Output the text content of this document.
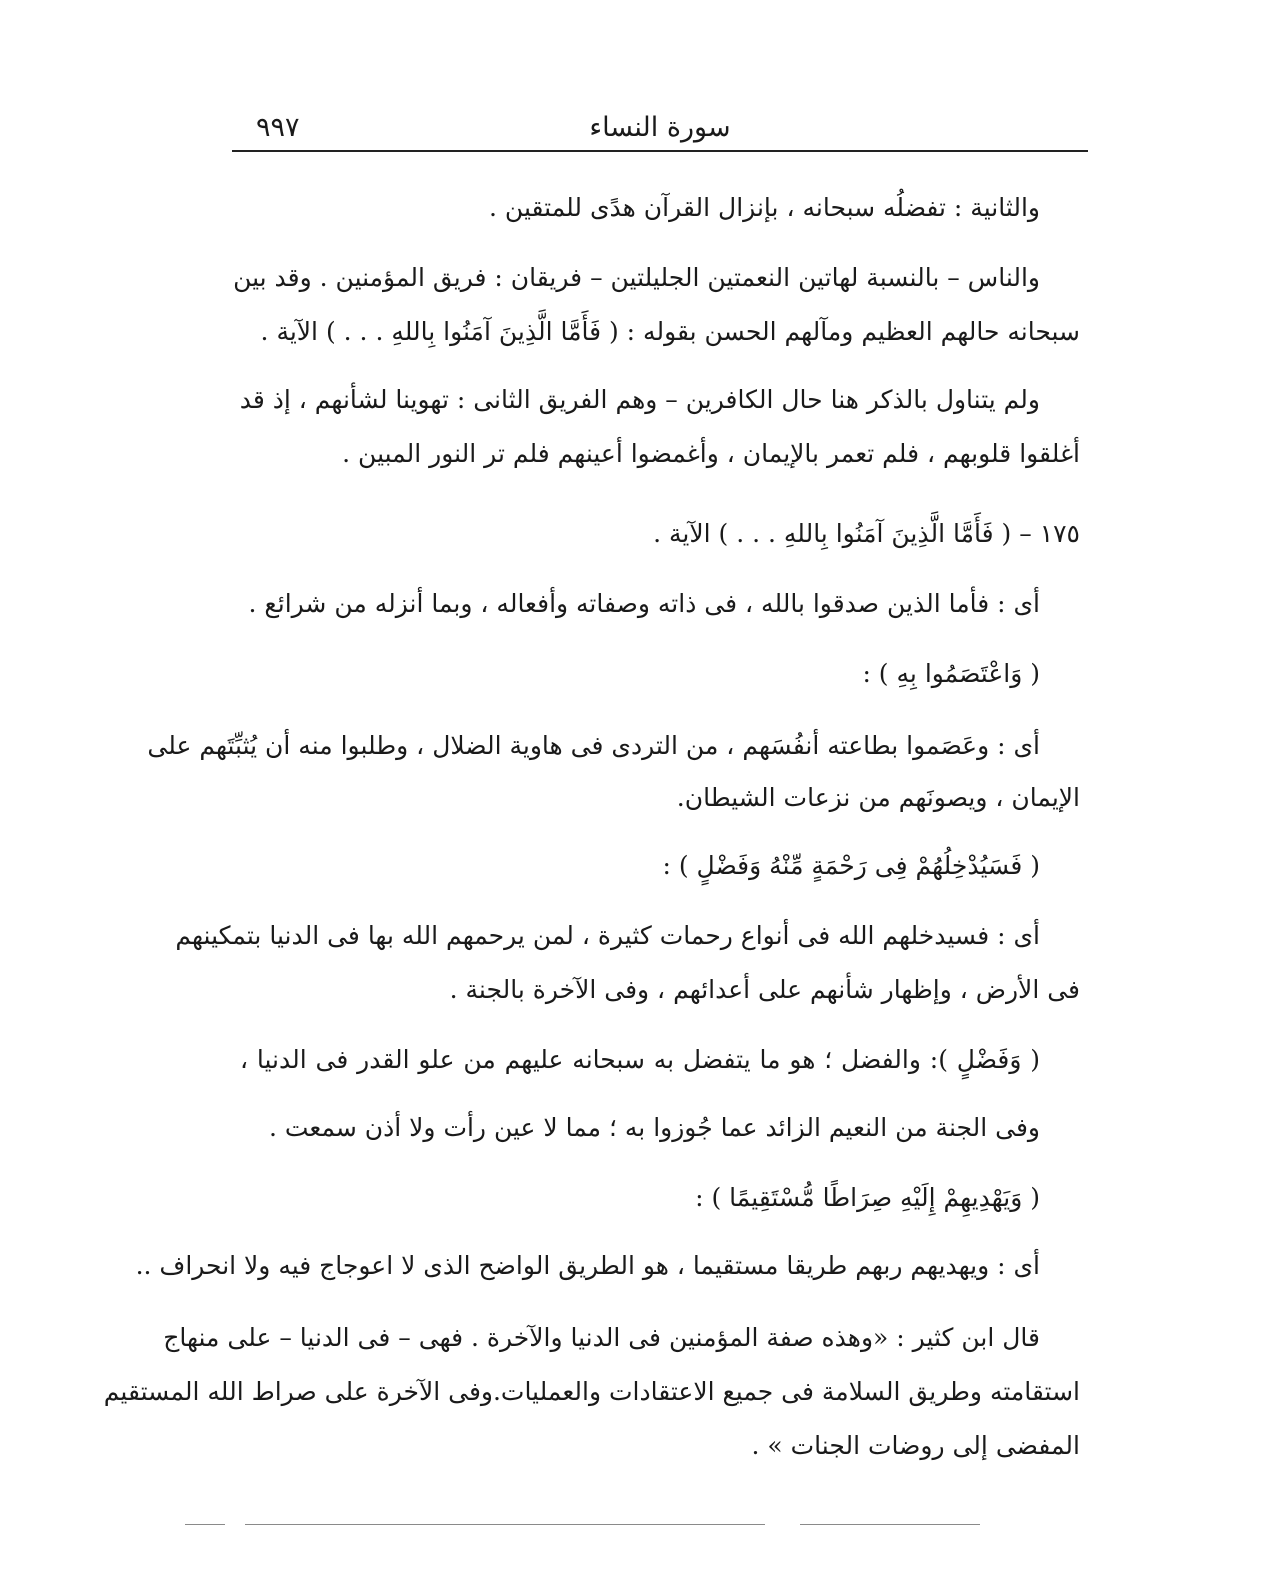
٩٩٧	سورة النساء
والثانية : تفضلُه سبحانه ، بإنزال القرآن هدًى للمتقين .
والناس – بالنسبة لهاتين النعمتين الجليلتين – فريقان : فريق المؤمنين . وقد بين
سبحانه حالهم العظيم ومآلهم الحسن بقوله : ( فَأَمَّا الَّذِينَ آمَنُوا بِاللهِ . . . ) الآية .
ولم يتناول بالذكر هنا حال الكافرين – وهم الفريق الثانى : تهوينا لشأنهم ، إذ قد
أغلقوا قلوبهم ، فلم تعمر بالإيمان ، وأغمضوا أعينهم فلم تر النور المبين .
١٧٥ – ( فَأَمَّا الَّذِينَ آمَنُوا بِاللهِ . . . ) الآية .
أى : فأما الذين صدقوا بالله ، فى ذاته وصفاته وأفعاله ، وبما أنزله من شرائع .
( وَاعْتَصَمُوا بِهِ ) :
أى : وعَصَموا بطاعته أنفُسَهم ، من التردى فى هاوية الضلال ، وطلبوا منه أن يُثبِّتَهم على
الإيمان ، ويصونَهم من نزعات الشيطان.
( فَسَيُدْخِلُهُمْ فِى رَحْمَةٍ مِّنْهُ وَفَضْلٍ ) :
أى : فسيدخلهم الله فى أنواع رحمات كثيرة ، لمن يرحمهم الله بها فى الدنيا بتمكينهم
فى الأرض ، وإظهار شأنهم على أعدائهم ، وفى الآخرة بالجنة .
( وَفَضْلٍ ): والفضل ؛ هو ما يتفضل به سبحانه عليهم من علو القدر فى الدنيا ،
وفى الجنة من النعيم الزائد عما جُوزوا به ؛ مما لا عين رأت ولا أذن سمعت .
( وَيَهْدِيهِمْ إِلَيْهِ صِرَاطًا مُّسْتَقِيمًا ) :
أى : ويهديهم ربهم طريقا مستقيما ، هو الطريق الواضح الذى لا اعوجاج فيه ولا انحراف ..
قال ابن كثير : «وهذه صفة المؤمنين فى الدنيا والآخرة . فهى – فى الدنيا – على منهاج
استقامته وطريق السلامة فى جميع الاعتقادات والعمليات.وفى الآخرة على صراط الله المستقيم
المفضى إلى روضات الجنات » .
